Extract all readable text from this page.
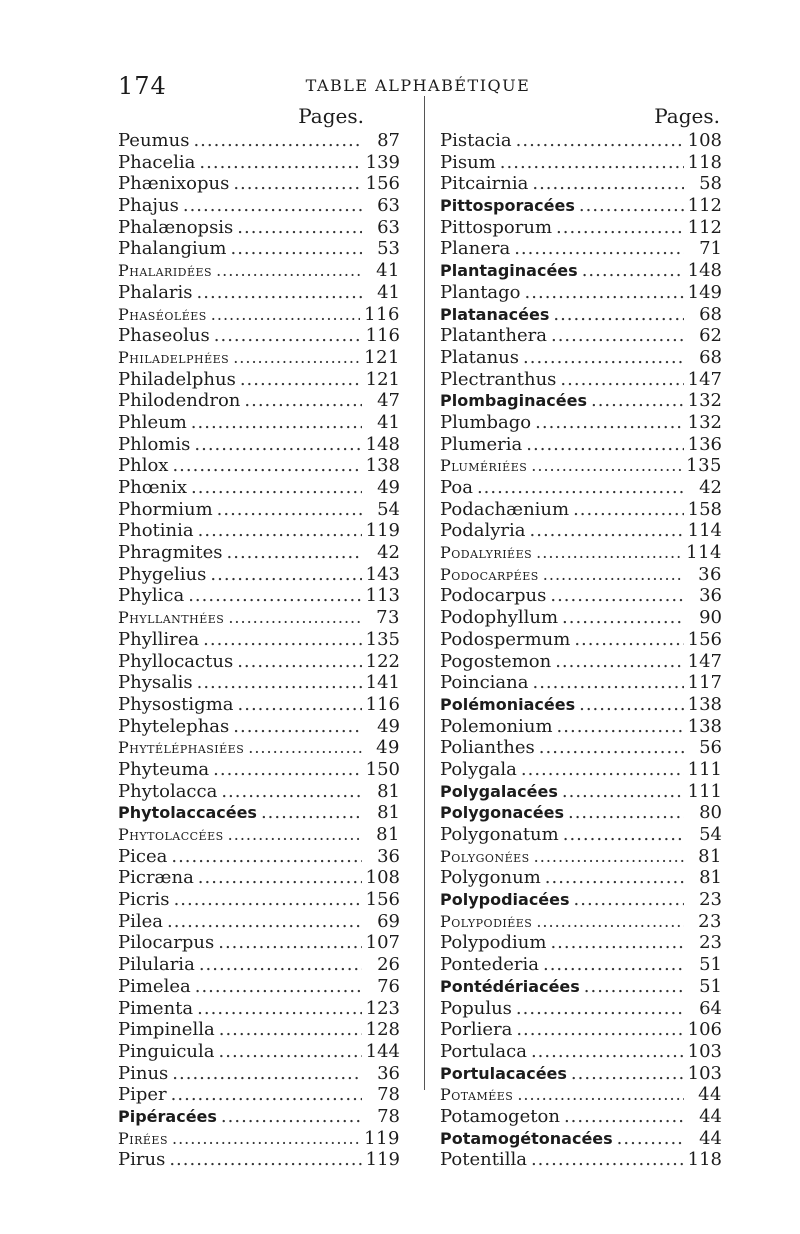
174	TABLE ALPHABÉTIQUE
Pages.
Peumus .....	87
Phacelia .....	139
Phænixopus .....	156
Phajus .....	63
Phalænopsis .....	63
Phalangium .....	53
Phalaridées .....	41
Phalaris .....	41
Phaséolées .....	116
Phaseolus .....	116
Philadelphées .....	121
Philadelphus .....	121
Philodendron .....	47
Phleum .....	41
Phlomis .....	148
Phlox .....	138
Phœnix .....	49
Phormium .....	54
Photinia .....	119
Phragmites .....	42
Phygelius .....	143
Phylica .....	113
Phyllanthées .....	73
Phyllirea .....	135
Phyllocactus .....	122
Physalis .....	141
Physostigma .....	116
Phytelephas .....	49
Phytéléphasiées .....	49
Phyteuma .....	150
Phytolacca .....	81
Phytolaccacées .....	81
Phytolaccées .....	81
Picea .....	36
Picræna .....	108
Picris .....	156
Pilea .....	69
Pilocarpus .....	107
Pilularia .....	26
Pimelea .....	76
Pimenta .....	123
Pimpinella .....	128
Pinguicula .....	144
Pinus .....	36
Piper .....	78
Pipéracées .....	78
Pirées .....	119
Pirus .....	119
Pages.
Pistacia .....	108
Pisum .....	118
Pitcairnia .....	58
Pittosporacées .....	112
Pittosporum .....	112
Planera .....	71
Plantaginacées .....	148
Plantago .....	149
Platanacées .....	68
Platanthera .....	62
Platanus .....	68
Plectranthus .....	147
Plombaginacées .....	132
Plumbago .....	132
Plumeria .....	136
Plumériées .....	135
Poa .....	42
Podachænium .....	158
Podalyria .....	114
Podalyriées .....	114
Podocarpées .....	36
Podocarpus .....	36
Podophyllum .....	90
Podospermum .....	156
Pogostemon .....	147
Poinciana .....	117
Polémoniacées .....	138
Polemonium .....	138
Polianthes .....	56
Polygala .....	111
Polygalacées .....	111
Polygonacées .....	80
Polygonatum .....	54
Polygonées .....	81
Polygonum .....	81
Polypodiacées .....	23
Polypodiées .....	23
Polypodium .....	23
Pontederia .....	51
Pontédériacées .....	51
Populus .....	64
Porliera .....	106
Portulaca .....	103
Portulacacées .....	103
Potamées .....	44
Potamogeton .....	44
Potamogétonacées .....	44
Potentilla .....	118
